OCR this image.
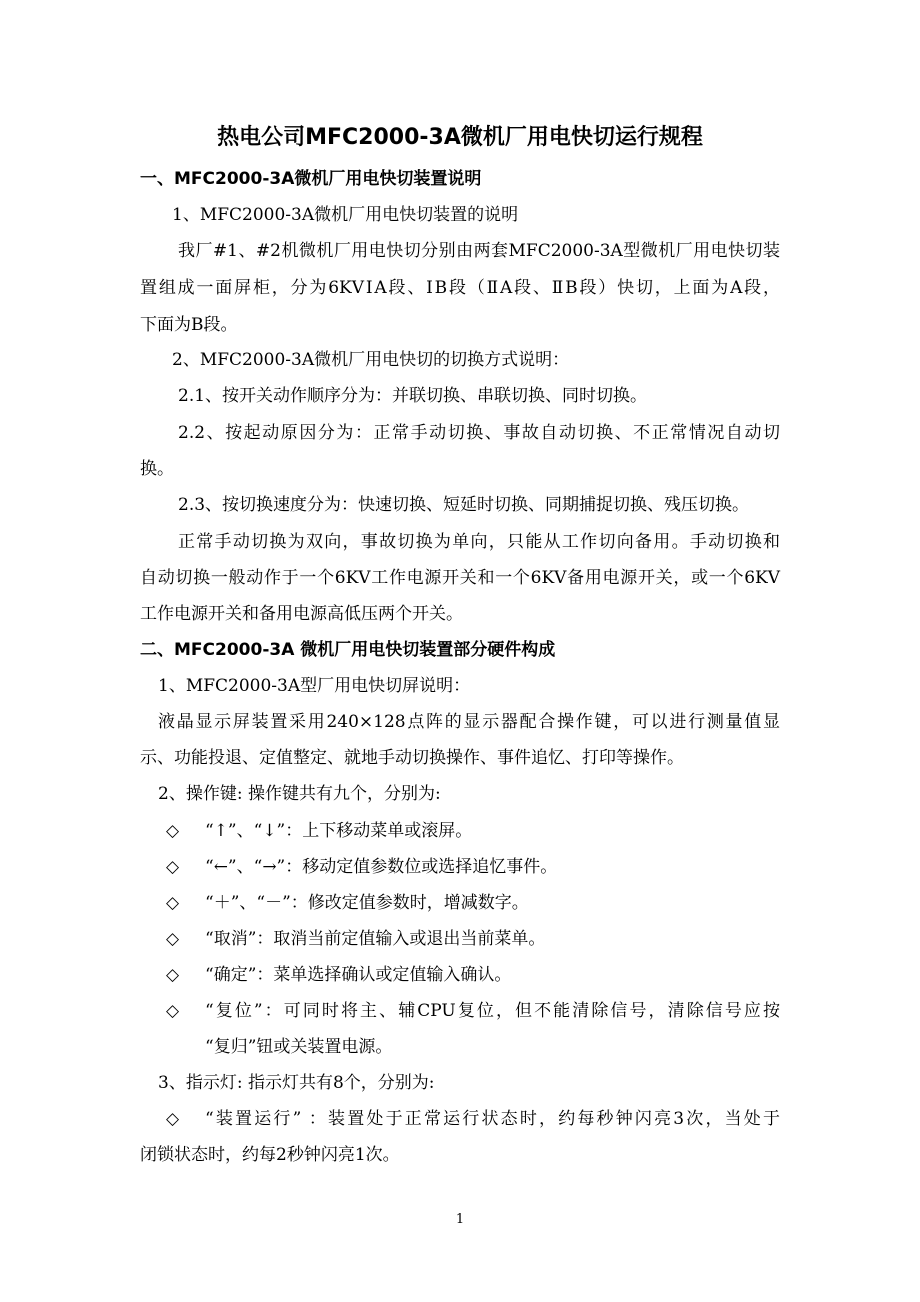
热电公司MFC2000-3A微机厂用电快切运行规程
一、MFC2000-3A微机厂用电快切装置说明
1、MFC2000-3A微机厂用电快切装置的说明
我厂#1、#2机微机厂用电快切分别由两套MFC2000-3A型微机厂用电快切装
置组成一面屏柜，分为6KVⅠA段、ⅠB段（ⅡA段、ⅡB段）快切，上面为A段，
下面为B段。
2、MFC2000-3A微机厂用电快切的切换方式说明：
2.1、按开关动作顺序分为：并联切换、串联切换、同时切换。
2.2、按起动原因分为：正常手动切换、事故自动切换、不正常情况自动切
换。
2.3、按切换速度分为：快速切换、短延时切换、同期捕捉切换、残压切换。
正常手动切换为双向，事故切换为单向，只能从工作切向备用。手动切换和
自动切换一般动作于一个6KV工作电源开关和一个6KV备用电源开关，或一个6KV
工作电源开关和备用电源高低压两个开关。
二、MFC2000-3A 微机厂用电快切装置部分硬件构成
1、MFC2000-3A型厂用电快切屏说明：
液晶显示屏装置采用240×128点阵的显示器配合操作键，可以进行测量值显
示、功能投退、定值整定、就地手动切换操作、事件追忆、打印等操作。
2、操作键: 操作键共有九个，分别为:
◇ “↑”、“↓”：上下移动菜单或滚屏。
◇ “←”、“→”：移动定值参数位或选择追忆事件。
◇ “＋”、“－”：修改定值参数时，增减数字。
◇ “取消”：取消当前定值输入或退出当前菜单。
◇ “确定”：菜单选择确认或定值输入确认。
◇ “复位”：可同时将主、辅CPU复位，但不能清除信号，清除信号应按
“复归”钮或关装置电源。
3、指示灯: 指示灯共有8个，分别为:
◇ “装置运行” ：装置处于正常运行状态时，约每秒钟闪亮3次，当处于
闭锁状态时，约每2秒钟闪亮1次。
1
